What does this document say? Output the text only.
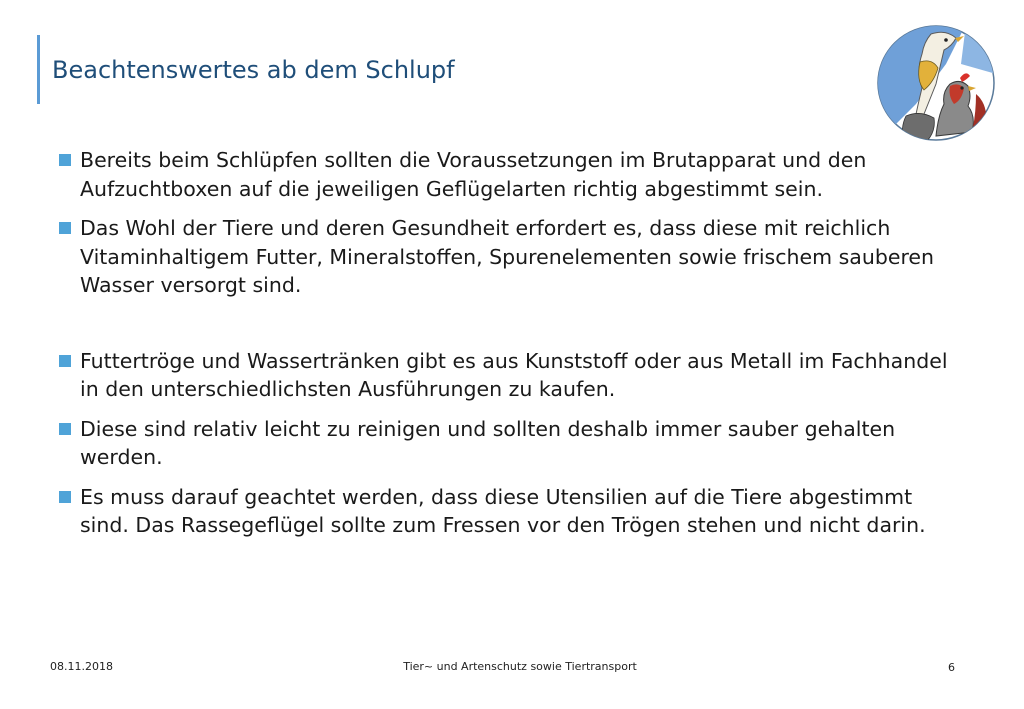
Beachtenswertes ab dem Schlupf
Bereits beim Schlüpfen sollten die Voraussetzungen im Brutapparat und den Aufzuchtboxen auf die jeweiligen Geflügelarten richtig abgestimmt sein.
Das Wohl der Tiere und deren Gesundheit erfordert es, dass diese mit reichlich Vitaminhaltigem Futter, Mineralstoffen, Spurenelementen sowie frischem sauberen Wasser versorgt sind.
Futtertröge und Wassertränken gibt es aus Kunststoff oder aus Metall im Fachhandel in den unterschiedlichsten Ausführungen zu kaufen.
Diese sind relativ leicht zu reinigen und sollten deshalb immer sauber gehalten werden.
Es muss darauf geachtet werden, dass diese Utensilien auf die Tiere abgestimmt sind. Das Rassegeflügel sollte zum Fressen vor den Trögen stehen und nicht darin.
08.11.2018	Tier~ und Artenschutz sowie Tiertransport	6
